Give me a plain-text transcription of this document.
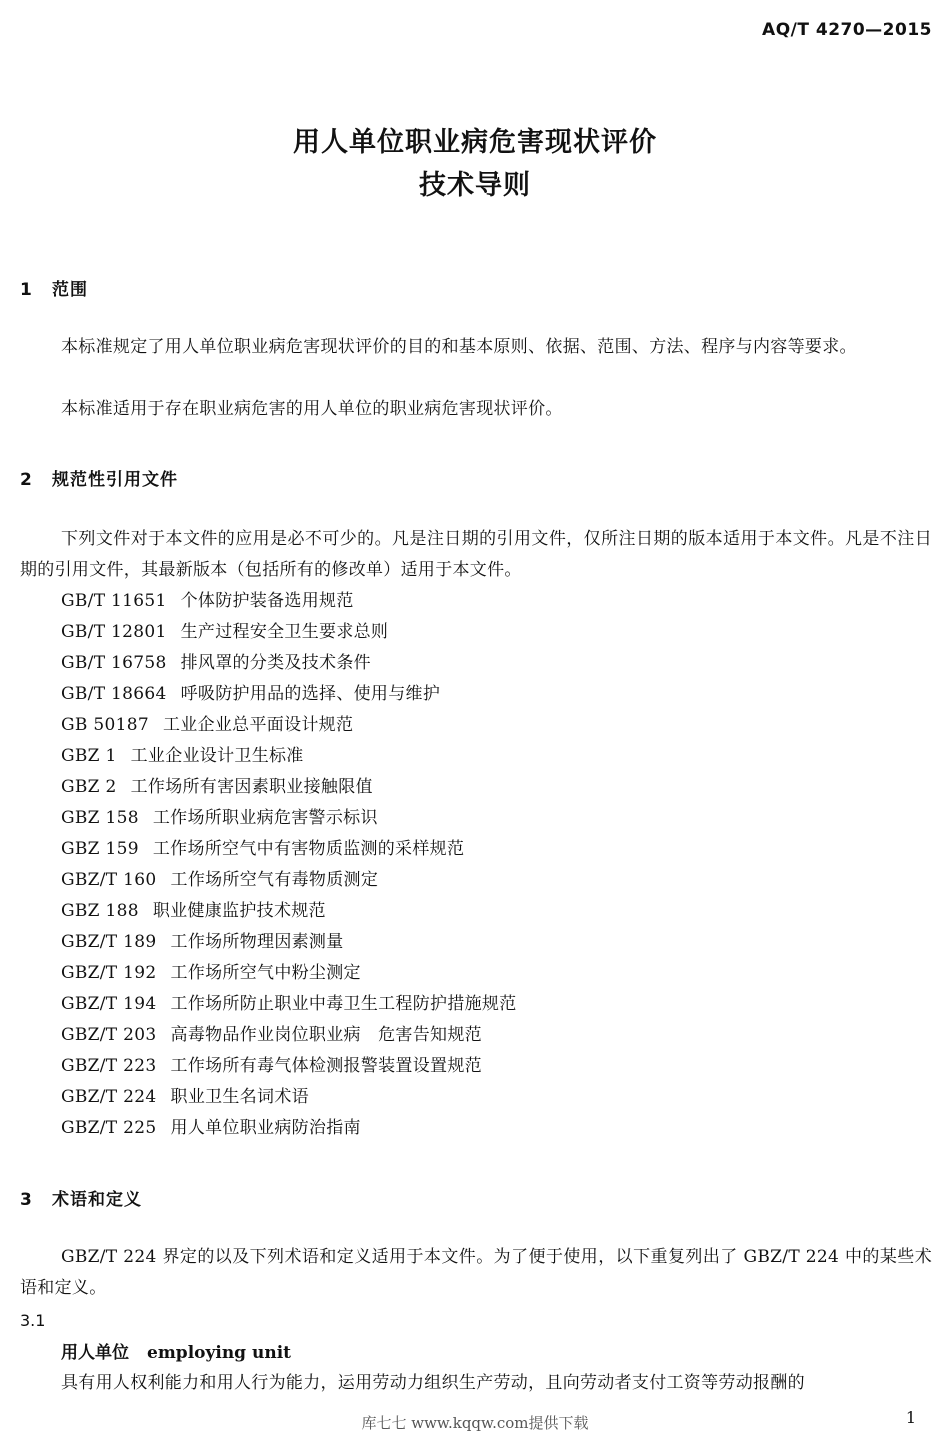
AQ/T 4270—2015
用人单位职业病危害现状评价
技术导则
1 范围
本标准规定了用人单位职业病危害现状评价的目的和基本原则、依据、范围、方法、程序与内容等要求。
本标准适用于存在职业病危害的用人单位的职业病危害现状评价。
2 规范性引用文件
下列文件对于本文件的应用是必不可少的。凡是注日期的引用文件，仅所注日期的版本适用于本文件。凡是不注日期的引用文件，其最新版本（包括所有的修改单）适用于本文件。
GB/T 11651 个体防护装备选用规范
GB/T 12801 生产过程安全卫生要求总则
GB/T 16758 排风罩的分类及技术条件
GB/T 18664 呼吸防护用品的选择、使用与维护
GB 50187 工业企业总平面设计规范
GBZ 1 工业企业设计卫生标准
GBZ 2 工作场所有害因素职业接触限值
GBZ 158 工作场所职业病危害警示标识
GBZ 159 工作场所空气中有害物质监测的采样规范
GBZ/T 160 工作场所空气有毒物质测定
GBZ 188 职业健康监护技术规范
GBZ/T 189 工作场所物理因素测量
GBZ/T 192 工作场所空气中粉尘测定
GBZ/T 194 工作场所防止职业中毒卫生工程防护措施规范
GBZ/T 203 高毒物品作业岗位职业病　危害告知规范
GBZ/T 223 工作场所有毒气体检测报警装置设置规范
GBZ/T 224 职业卫生名词术语
GBZ/T 225 用人单位职业病防治指南
3 术语和定义
GBZ/T 224 界定的以及下列术语和定义适用于本文件。为了便于使用，以下重复列出了 GBZ/T 224 中的某些术语和定义。
3.1
用人单位 employing unit
具有用人权利能力和用人行为能力，运用劳动力组织生产劳动，且向劳动者支付工资等劳动报酬的
库七七 www.kqqw.com提供下载	1
